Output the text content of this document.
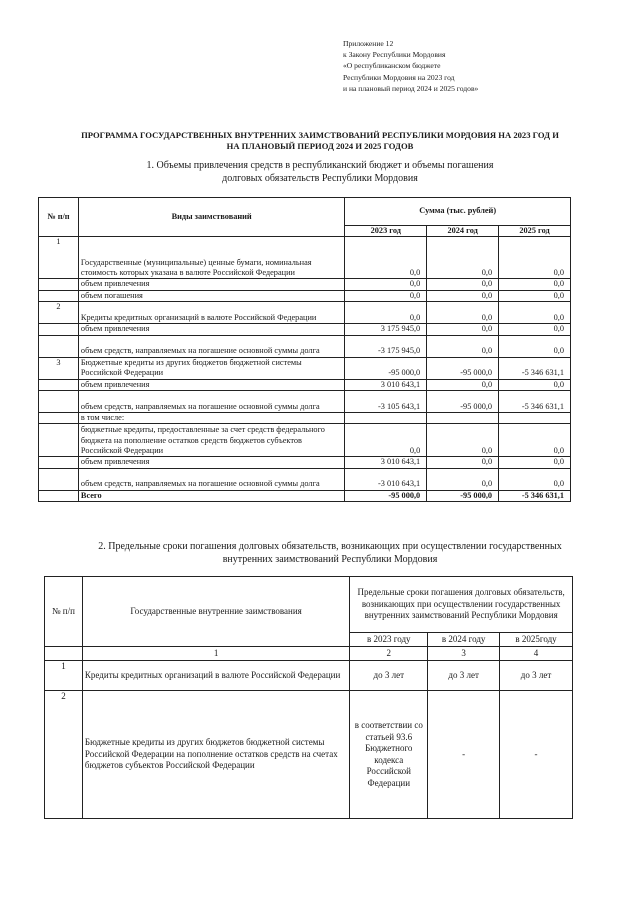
Приложение 12
к Закону Республики Мордовия
«О республиканском бюджете
Республики Мордовия на 2023 год
и на плановый период 2024 и 2025 годов»
ПРОГРАММА ГОСУДАРСТВЕННЫХ ВНУТРЕННИХ ЗАИМСТВОВАНИЙ РЕСПУБЛИКИ МОРДОВИЯ НА 2023 ГОД И
НА ПЛАНОВЫЙ ПЕРИОД 2024 И 2025 ГОДОВ
1. Объемы привлечения средств в республиканский бюджет и объемы погашения
долговых обязательств Республики Мордовия
№ п/п	Виды заимствований	Сумма (тыс. рублей)		
		2023 год	2024 год	2025 год
1	Государственные (муниципальные) ценные бумаги, номинальная стоимость которых указана в валюте Российской Федерации	0,0	0,0	0,0
	объем привлечения	0,0	0,0	0,0
	объем погашения	0,0	0,0	0,0
2	Кредиты кредитных организаций в валюте Российской Федерации	0,0	0,0	0,0
	объем привлечения	3 175 945,0	0,0	0,0
	объем средств, направляемых на погашение основной суммы долга	-3 175 945,0	0,0	0,0
3	Бюджетные кредиты из других бюджетов бюджетной системы Российской Федерации	-95 000,0	-95 000,0	-5 346 631,1
	объем привлечения	3 010 643,1	0,0	0,0
	объем средств, направляемых на погашение основной суммы долга	-3 105 643,1	-95 000,0	-5 346 631,1
	в том числе:			
	бюджетные кредиты, предоставленные за счет средств федерального бюджета на пополнение остатков средств бюджетов субъектов Российской Федерации	0,0	0,0	0,0
	объем привлечения	3 010 643,1	0,0	0,0
	объем средств, направляемых на погашение основной суммы долга	-3 010 643,1	0,0	0,0
	Всего	-95 000,0	-95 000,0	-5 346 631,1
2. Предельные сроки погашения долговых обязательств, возникающих при осуществлении государственных
внутренних заимствований Республики Мордовия
№ п/п	Государственные внутренние заимствования	Предельные сроки погашения долговых обязательств, возникающих при осуществлении государственных внутренних заимствований Республики Мордовия		
		в 2023 году	в 2024 году	в 2025году
	1	2	3	4
1	Кредиты кредитных организаций в валюте Российской Федерации	до 3 лет	до 3 лет	до 3 лет
2	Бюджетные кредиты из других бюджетов бюджетной системы Российской Федерации на пополнение остатков средств на счетах бюджетов субъектов Российской Федерации	в соответствии со статьей 93.6 Бюджетного кодекса Российской Федерации	-	-
